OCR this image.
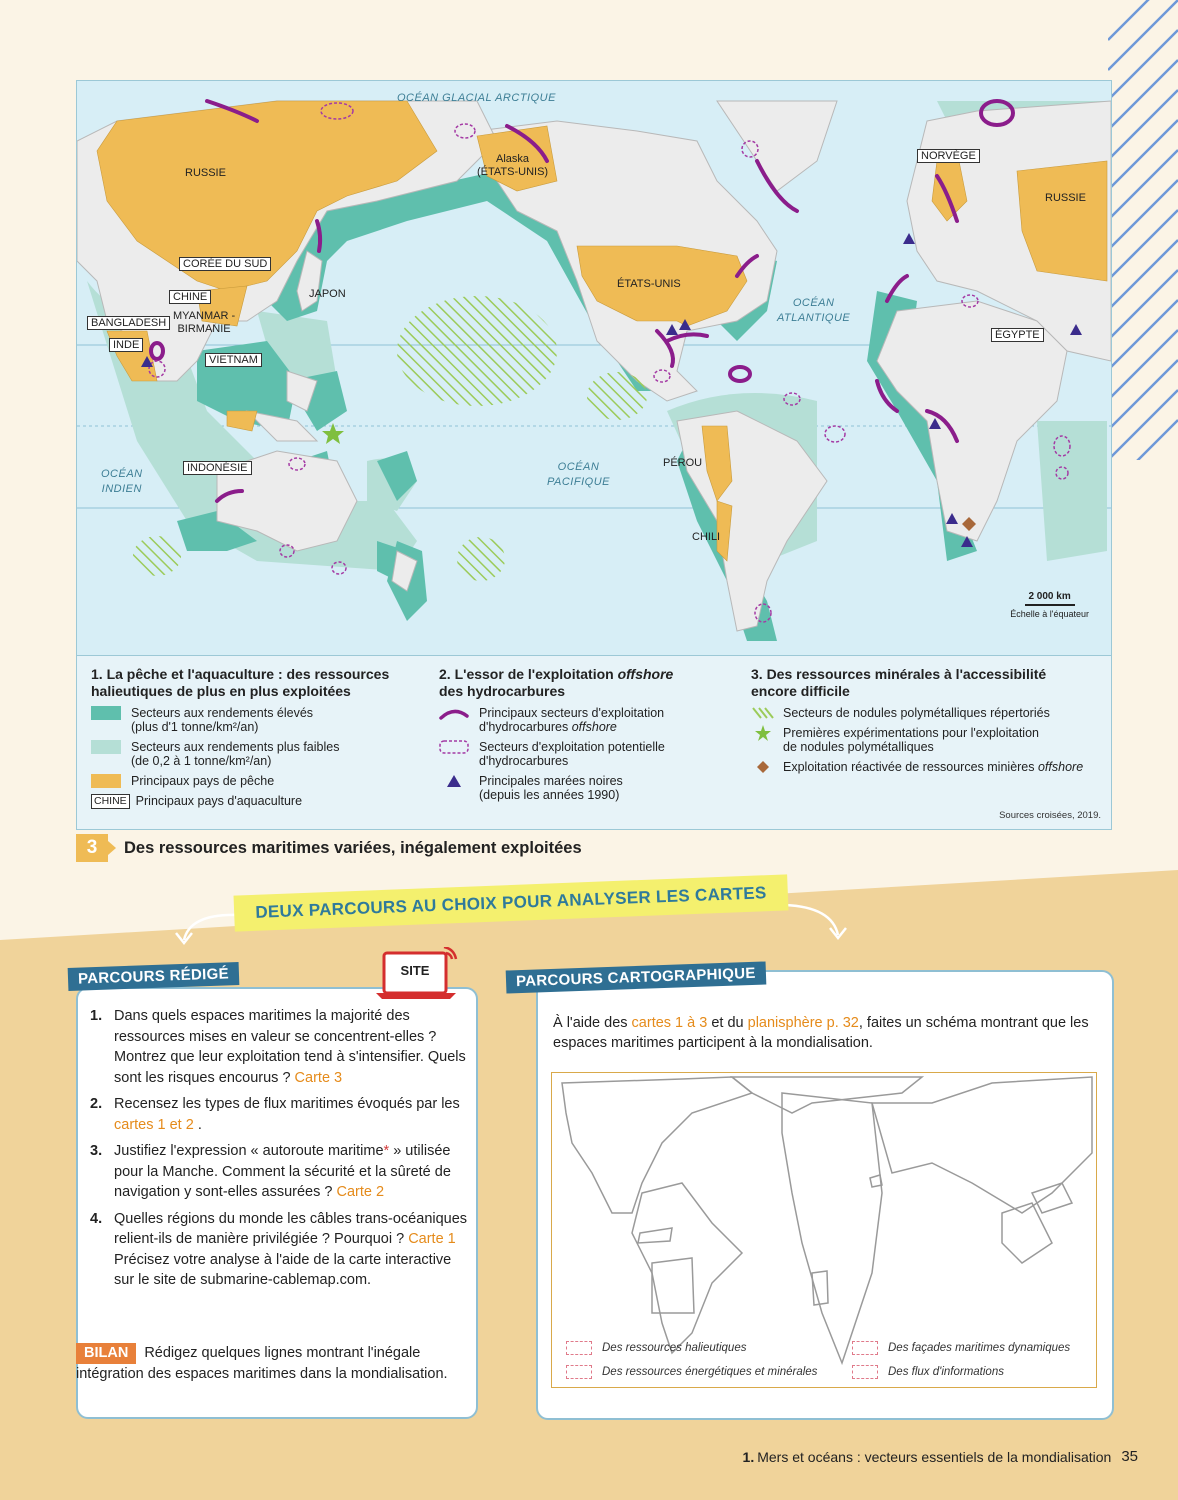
OCÉAN GLACIAL ARCTIQUE
OCÉAN
ATLANTIQUE
OCÉAN
PACIFIQUE
OCÉAN
INDIEN
RUSSIE
RUSSIE
Alaska
(ÉTATS-UNIS)
ÉTATS-UNIS
JAPON
MYANMAR -
BIRMANIE
PÉROU
CHILI
CORÉE DU SUD
CHINE
BANGLADESH
INDE
VIETNAM
INDONÉSIE
NORVÈGE
ÉGYPTE
2 000 km
Échelle à l'équateur
1. La pêche et l'aquaculture : des ressources halieutiques de plus en plus exploitées
Secteurs aux rendements élevés
(plus d'1 tonne/km²/an)
Secteurs aux rendements plus faibles
(de 0,2 à 1 tonne/km²/an)
Principaux pays de pêche
CHINE Principaux pays d'aquaculture
2. L'essor de l'exploitation offshore
des hydrocarbures
Principaux secteurs d'exploitation
d'hydrocarbures offshore
Secteurs d'exploitation potentielle
d'hydrocarbures
Principales marées noires
(depuis les années 1990)
3. Des ressources minérales à l'accessibilité
encore difficile
Secteurs de nodules polymétalliques répertoriés
Premières expérimentations pour l'exploitation
de nodules polymétalliques
Exploitation réactivée de ressources minières offshore
Sources croisées, 2019.
3	Des ressources maritimes variées, inégalement exploitées
DEUX PARCOURS AU CHOIX POUR ANALYSER LES CARTES
PARCOURS RÉDIGÉ	SITE
1. Dans quels espaces maritimes la majorité des ressources mises en valeur se concentrent-elles ? Montrez que leur exploitation tend à s'intensifier. Quels sont les risques encourus ? Carte 3
2. Recensez les types de flux maritimes évoqués par les cartes 1 et 2 .
3. Justifiez l'expression « autoroute maritime* » utilisée pour la Manche. Comment la sécurité et la sûreté de navigation y sont-elles assurées ? Carte 2
4. Quelles régions du monde les câbles trans-océaniques relient-ils de manière privilégiée ? Pourquoi ? Carte 1 Précisez votre analyse à l'aide de la carte interactive sur le site de submarine-cablemap.com.
BILAN Rédigez quelques lignes montrant l'inégale intégration des espaces maritimes dans la mondialisation.
PARCOURS CARTOGRAPHIQUE
À l'aide des cartes 1 à 3 et du planisphère p. 32, faites un schéma montrant que les espaces maritimes participent à la mondialisation.
Des ressources halieutiques
Des ressources énergétiques et minérales
Des façades maritimes dynamiques
Des flux d'informations
1. Mers et océans : vecteurs essentiels de la mondialisation 35
